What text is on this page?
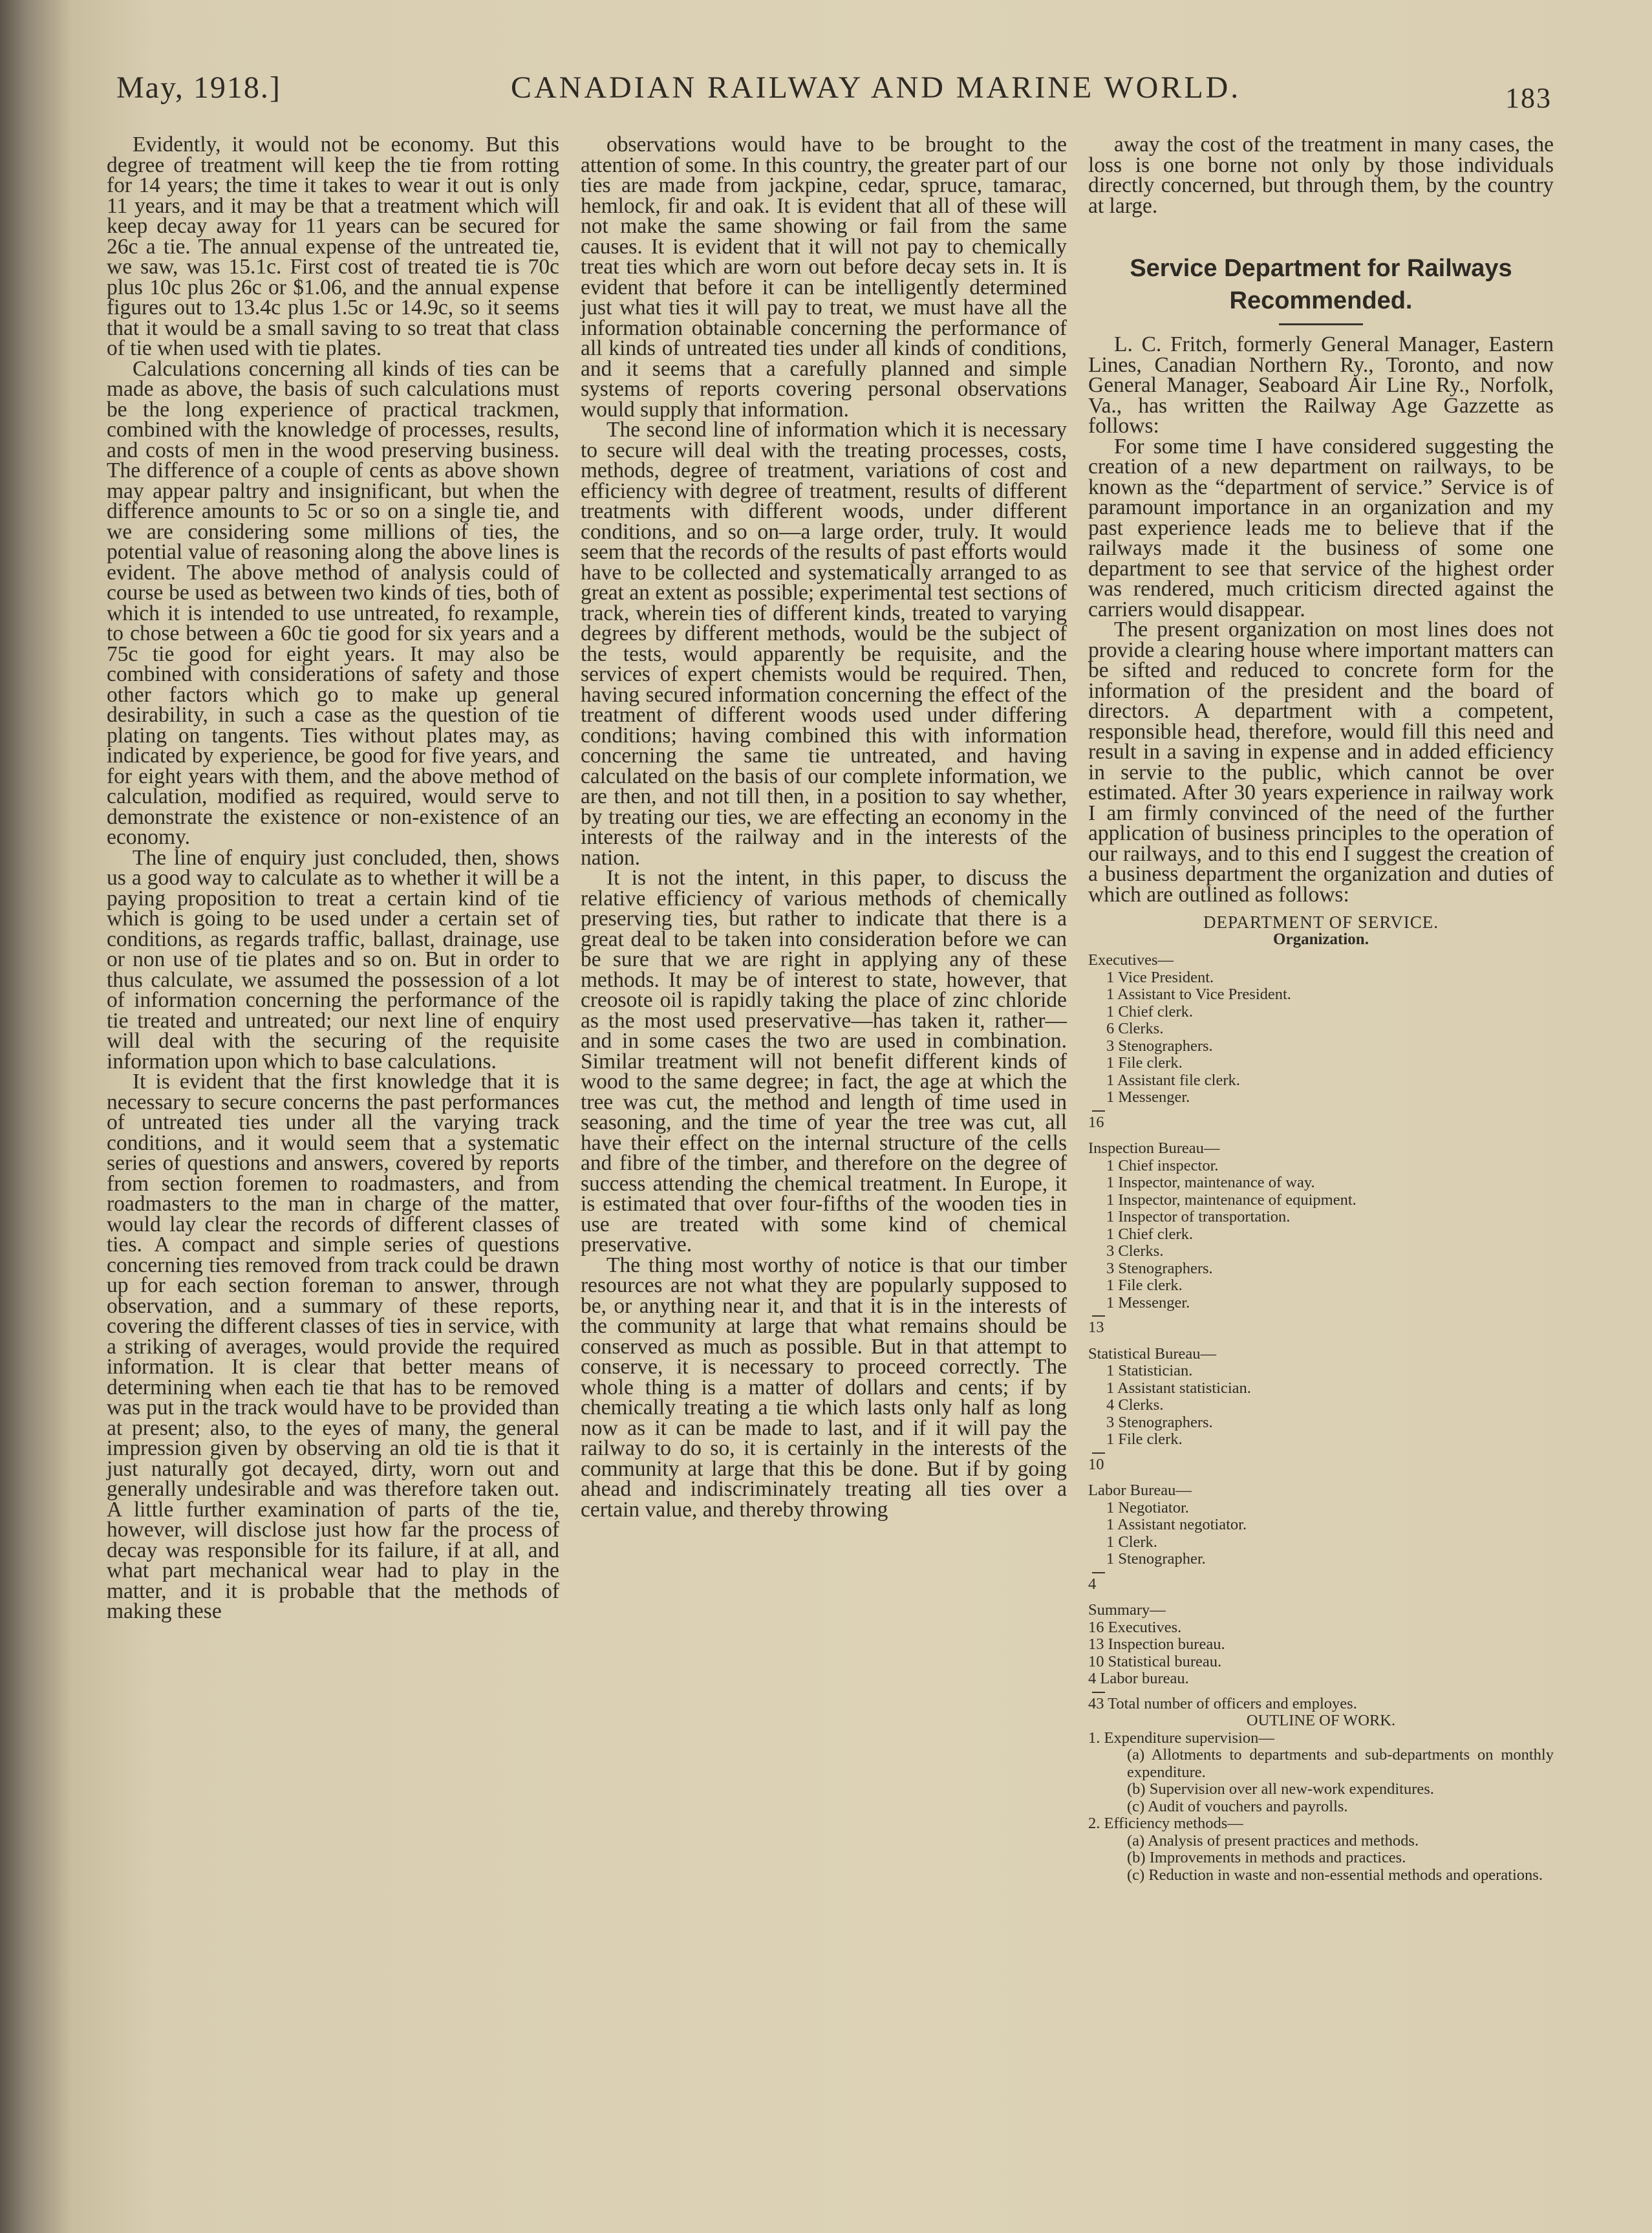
May, 1918.]	CANADIAN RAILWAY AND MARINE WORLD.	183

Evidently, it would not be economy. But this degree of treatment will keep the tie from rotting for 14 years; the time it takes to wear it out is only 11 years, and it may be that a treatment which will keep decay away for 11 years can be secured for 26c a tie. The annual expense of the untreated tie, we saw, was 15.1c. First cost of treated tie is 70c plus 10c plus 26c or $1.06, and the annual expense figures out to 13.4c plus 1.5c or 14.9c, so it seems that it would be a small saving to so treat that class of tie when used with tie plates.

Calculations concerning all kinds of ties can be made as above, the basis of such calculations must be the long experience of practical trackmen, combined with the knowledge of processes, results, and costs of men in the wood preserving business. The difference of a couple of cents as above shown may appear paltry and insignificant, but when the difference amounts to 5c or so on a single tie, and we are considering some millions of ties, the potential value of reasoning along the above lines is evident. The above method of analysis could of course be used as between two kinds of ties, both of which it is intended to use untreated, fo rexample, to chose between a 60c tie good for six years and a 75c tie good for eight years. It may also be combined with considerations of safety and those other factors which go to make up general desirability, in such a case as the question of tie plating on tangents. Ties without plates may, as indicated by experience, be good for five years, and for eight years with them, and the above method of calculation, modified as required, would serve to demonstrate the existence or non-existence of an economy.

The line of enquiry just concluded, then, shows us a good way to calculate as to whether it will be a paying proposition to treat a certain kind of tie which is going to be used under a certain set of conditions, as regards traffic, ballast, drainage, use or non use of tie plates and so on. But in order to thus calculate, we assumed the possession of a lot of information concerning the performance of the tie treated and untreated; our next line of enquiry will deal with the securing of the requisite information upon which to base calculations.

It is evident that the first knowledge that it is necessary to secure concerns the past performances of untreated ties under all the varying track conditions, and it would seem that a systematic series of questions and answers, covered by reports from section foremen to roadmasters, and from roadmasters to the man in charge of the matter, would lay clear the records of different classes of ties. A compact and simple series of questions concerning ties removed from track could be drawn up for each section foreman to answer, through observation, and a summary of these reports, covering the different classes of ties in service, with a striking of averages, would provide the required information. It is clear that better means of determining when each tie that has to be removed was put in the track would have to be provided than at present; also, to the eyes of many, the general impression given by observing an old tie is that it just naturally got decayed, dirty, worn out and generally undesirable and was therefore taken out. A little further examination of parts of the tie, however, will disclose just how far the process of decay was responsible for its failure, if at all, and what part mechanical wear had to play in the matter, and it is probable that the methods of making these

observations would have to be brought to the attention of some. In this country, the greater part of our ties are made from jackpine, cedar, spruce, tamarac, hemlock, fir and oak. It is evident that all of these will not make the same showing or fail from the same causes. It is evident that it will not pay to chemically treat ties which are worn out before decay sets in. It is evident that before it can be intelligently determined just what ties it will pay to treat, we must have all the information obtainable concerning the performance of all kinds of untreated ties under all kinds of conditions, and it seems that a carefully planned and simple systems of reports covering personal observations would supply that information.

The second line of information which it is necessary to secure will deal with the treating processes, costs, methods, degree of treatment, variations of cost and efficiency with degree of treatment, results of different treatments with different woods, under different conditions, and so on—a large order, truly. It would seem that the records of the results of past efforts would have to be collected and systematically arranged to as great an extent as possible; experimental test sections of track, wherein ties of different kinds, treated to varying degrees by different methods, would be the subject of the tests, would apparently be requisite, and the services of expert chemists would be required. Then, having secured information concerning the effect of the treatment of different woods used under differing conditions; having combined this with information concerning the same tie untreated, and having calculated on the basis of our complete information, we are then, and not till then, in a position to say whether, by treating our ties, we are effecting an economy in the interests of the railway and in the interests of the nation.

It is not the intent, in this paper, to discuss the relative efficiency of various methods of chemically preserving ties, but rather to indicate that there is a great deal to be taken into consideration before we can be sure that we are right in applying any of these methods. It may be of interest to state, however, that creosote oil is rapidly taking the place of zinc chloride as the most used preservative—has taken it, rather—and in some cases the two are used in combination. Similar treatment will not benefit different kinds of wood to the same degree; in fact, the age at which the tree was cut, the method and length of time used in seasoning, and the time of year the tree was cut, all have their effect on the internal structure of the cells and fibre of the timber, and therefore on the degree of success attending the chemical treatment. In Europe, it is estimated that over four-fifths of the wooden ties in use are treated with some kind of chemical preservative.

The thing most worthy of notice is that our timber resources are not what they are popularly supposed to be, or anything near it, and that it is in the interests of the community at large that what remains should be conserved as much as possible. But in that attempt to conserve, it is necessary to proceed correctly. The whole thing is a matter of dollars and cents; if by chemically treating a tie which lasts only half as long now as it can be made to last, and if it will pay the railway to do so, it is certainly in the interests of the community at large that this be done. But if by going ahead and indiscriminately treating all ties over a certain value, and thereby throwing

away the cost of the treatment in many cases, the loss is one borne not only by those individuals directly concerned, but through them, by the country at large.

Service Department for Railways Recommended.

L. C. Fritch, formerly General Manager, Eastern Lines, Canadian Northern Ry., Toronto, and now General Manager, Seaboard Air Line Ry., Norfolk, Va., has written the Railway Age Gazzette as follows:

For some time I have considered suggesting the creation of a new department on railways, to be known as the “department of service.” Service is of paramount importance in an organization and my past experience leads me to believe that if the railways made it the business of some one department to see that service of the highest order was rendered, much criticism directed against the carriers would disappear.

The present organization on most lines does not provide a clearing house where important matters can be sifted and reduced to concrete form for the information of the president and the board of directors. A department with a competent, responsible head, therefore, would fill this need and result in a saving in expense and in added efficiency in servie to the public, which cannot be over estimated. After 30 years experience in railway work I am firmly convinced of the need of the further application of business principles to the operation of our railways, and to this end I suggest the creation of a business department the organization and duties of which are outlined as follows:

DEPARTMENT OF SERVICE.
Organization.
Executives—
1 Vice President.
1 Assistant to Vice President.
1 Chief clerk.
6 Clerks.
3 Stenographers.
1 File clerk.
1 Assistant file clerk.
1 Messenger.
16
Inspection Bureau—
1 Chief inspector.
1 Inspector, maintenance of way.
1 Inspector, maintenance of equipment.
1 Inspector of transportation.
1 Chief clerk.
3 Clerks.
3 Stenographers.
1 File clerk.
1 Messenger.
13
Statistical Bureau—
1 Statistician.
1 Assistant statistician.
4 Clerks.
3 Stenographers.
1 File clerk.
10
Labor Bureau—
1 Negotiator.
1 Assistant negotiator.
1 Clerk.
1 Stenographer.
4
Summary—
16 Executives.
13 Inspection bureau.
10 Statistical bureau.
4 Labor bureau.
43 Total number of officers and employes.
OUTLINE OF WORK.
1. Expenditure supervision—
(a) Allotments to departments and sub-departments on monthly expenditure.
(b) Supervision over all new-work expenditures.
(c) Audit of vouchers and payrolls.
2. Efficiency methods—
(a) Analysis of present practices and methods.
(b) Improvements in methods and practices.
(c) Reduction in waste and non-essential methods and operations.
